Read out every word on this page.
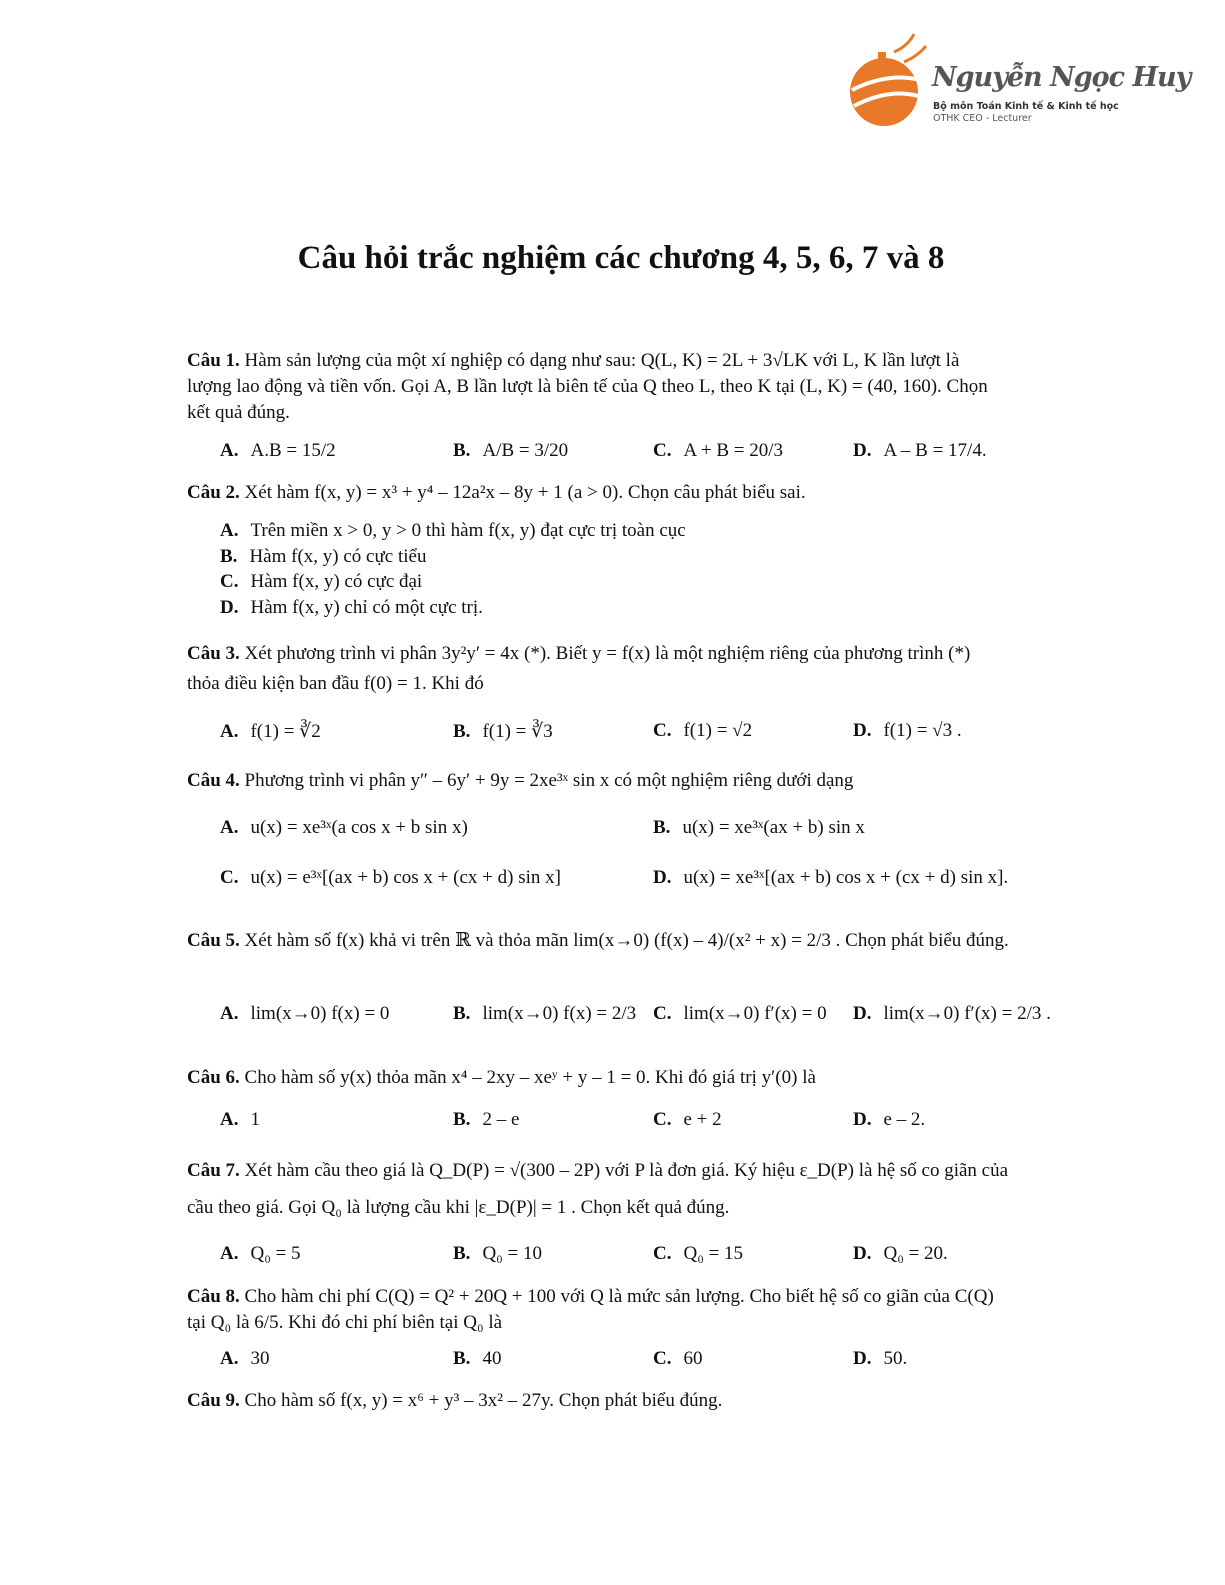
Nguyễn Ngọc Huy
Bộ môn Toán Kinh tế & Kinh tế học
OTHK CEO - Lecturer
Câu hỏi trắc nghiệm các chương 4, 5, 6, 7 và 8
Câu 1. Hàm sản lượng của một xí nghiệp có dạng như sau: Q(L, K) = 2L + 3√LK với L, K lần lượt là
lượng lao động và tiền vốn. Gọi A, B lần lượt là biên tế của Q theo L, theo K tại (L, K) = (40, 160). Chọn
kết quả đúng.
A. A.B = 15/2	B. A/B = 3/20	C. A + B = 20/3	D. A – B = 17/4.
Câu 2. Xét hàm f(x, y) = x³ + y⁴ – 12a²x – 8y + 1 (a > 0). Chọn câu phát biểu sai.
A. Trên miền x > 0, y > 0 thì hàm f(x, y) đạt cực trị toàn cục
B. Hàm f(x, y) có cực tiểu
C. Hàm f(x, y) có cực đại
D. Hàm f(x, y) chỉ có một cực trị.
Câu 3. Xét phương trình vi phân 3y²y′ = 4x (*). Biết y = f(x) là một nghiệm riêng của phương trình (*)
thỏa điều kiện ban đầu f(0) = 1. Khi đó
A. f(1) = ∛2	B. f(1) = ∛3	C. f(1) = √2	D. f(1) = √3 .
Câu 4. Phương trình vi phân y″ – 6y′ + 9y = 2xe³ˣ sin x có một nghiệm riêng dưới dạng
A. u(x) = xe³ˣ(a cos x + b sin x)	B. u(x) = xe³ˣ(ax + b) sin x
C. u(x) = e³ˣ[(ax + b) cos x + (cx + d) sin x]	D. u(x) = xe³ˣ[(ax + b) cos x + (cx + d) sin x].
Câu 5. Xét hàm số f(x) khả vi trên ℝ và thỏa mãn lim(x→0) (f(x) – 4)/(x² + x) = 2/3 . Chọn phát biểu đúng.
A. lim(x→0) f(x) = 0	B. lim(x→0) f(x) = 2/3 C. lim(x→0) f′(x) = 0 D. lim(x→0) f′(x) = 2/3 .
Câu 6. Cho hàm số y(x) thỏa mãn x⁴ – 2xy – xeʸ + y – 1 = 0. Khi đó giá trị y′(0) là
A. 1	B. 2 – e	C. e + 2	D. e – 2.
Câu 7. Xét hàm cầu theo giá là Q_D(P) = √(300 – 2P) với P là đơn giá. Ký hiệu ε_D(P) là hệ số co giãn của
cầu theo giá. Gọi Q₀ là lượng cầu khi |ε_D(P)| = 1 . Chọn kết quả đúng.
A. Q₀ = 5	B. Q₀ = 10	C. Q₀ = 15	D. Q₀ = 20.
Câu 8. Cho hàm chi phí C(Q) = Q² + 20Q + 100 với Q là mức sản lượng. Cho biết hệ số co giãn của C(Q)
tại Q₀ là 6/5. Khi đó chi phí biên tại Q₀ là
A. 30	B. 40	C. 60	D. 50.
Câu 9. Cho hàm số f(x, y) = x⁶ + y³ – 3x² – 27y. Chọn phát biểu đúng.
